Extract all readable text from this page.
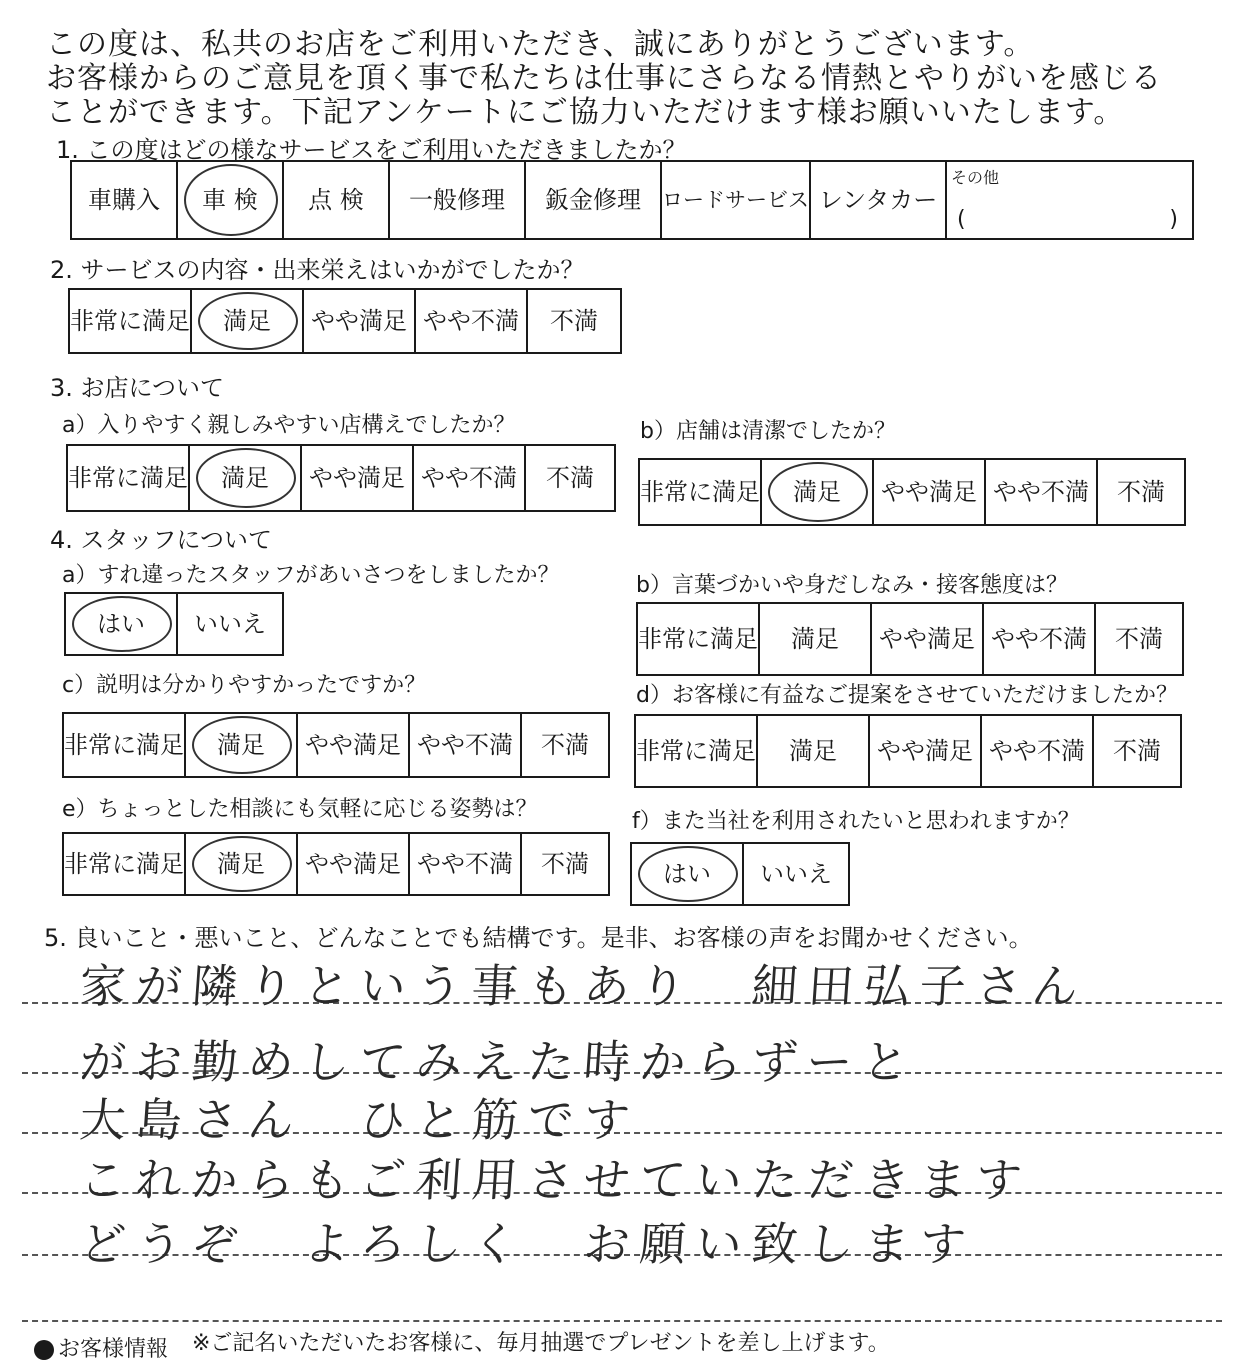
この度は、私共のお店をご利用いただき、誠にありがとうございます。
お客様からのご意見を頂く事で私たちは仕事にさらなる情熱とやりがいを感じる
ことができます。下記アンケートにご協力いただけます様お願いいたします。
1. この度はどの様なサービスをご利用いただきましたか？
車購入	車 検	点 検	一般修理	鈑金修理	ロードサービス	レンタカー	
その他
(	)
2. サービスの内容・出来栄えはいかがでしたか？
非常に満足	満足	やや満足	やや不満	不満
3. お店について
a）入りやすく親しみやすい店構えでしたか？
非常に満足	満足	やや満足	やや不満	不満
b）店舗は清潔でしたか？
非常に満足	満足	やや満足	やや不満	不満
4. スタッフについて
a）すれ違ったスタッフがあいさつをしましたか？
はい	いいえ
b）言葉づかいや身だしなみ・接客態度は？
非常に満足	満足	やや満足	やや不満	不満
c）説明は分かりやすかったですか？
非常に満足	満足	やや満足	やや不満	不満
d）お客様に有益なご提案をさせていただけましたか？
非常に満足	満足	やや満足	やや不満	不満
e）ちょっとした相談にも気軽に応じる姿勢は？
非常に満足	満足	やや満足	やや不満	不満
f）また当社を利用されたいと思われますか？
はい	いいえ
5. 良いこと・悪いこと、どんなことでも結構です。是非、お客様の声をお聞かせください。
家が隣りという事もあり　細田弘子さん
がお勤めしてみえた時からずーと
大島さん　ひと筋です
これからもご利用させていただきます
どうぞ　よろしく　お願い致します
お客様情報 ※ご記名いただいたお客様に、毎月抽選でプレゼントを差し上げます。
